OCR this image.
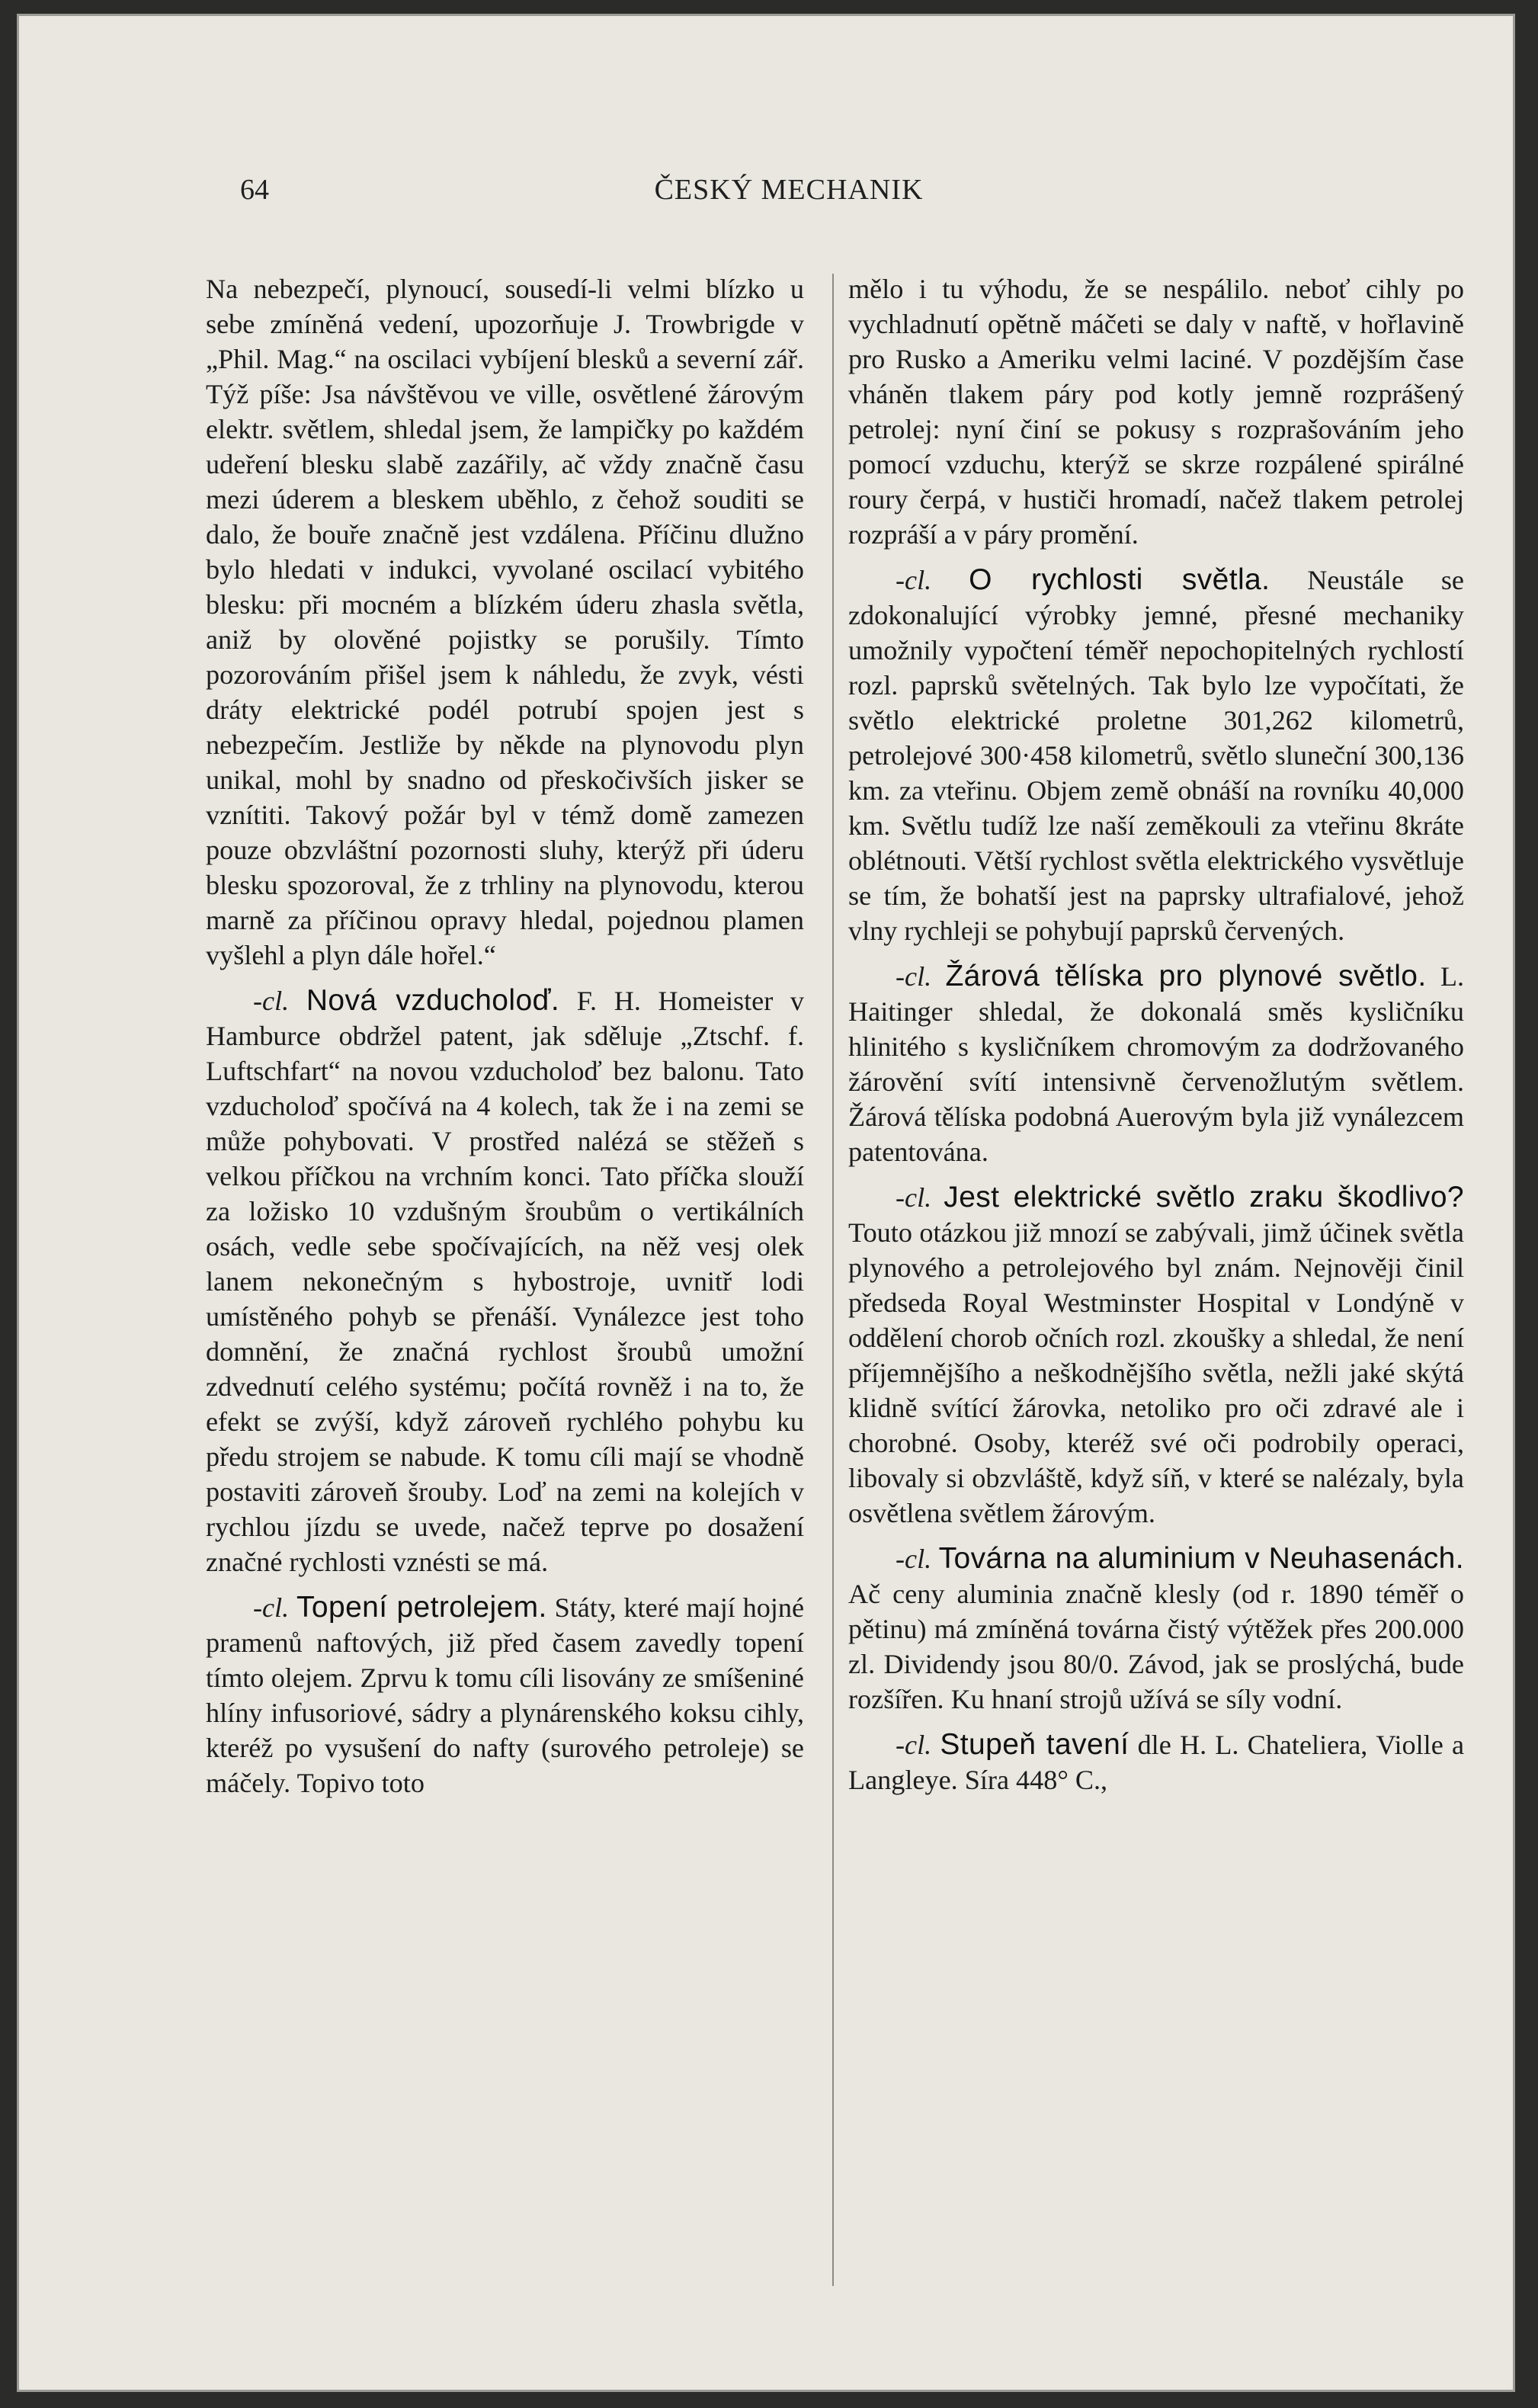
64	ČESKÝ MECHANIK

Na nebezpečí, plynoucí, sousedí-li velmi blízko u sebe zmíněná vedení, upozorňuje J. Trowbrigde v „Phil. Mag.“ na oscilaci vybíjení blesků a severní zář. Týž píše: Jsa návštěvou ve ville, osvětlené žárovým elektr. světlem, shledal jsem, že lampičky po každém udeření blesku slabě zazářily, ač vždy značně času mezi úderem a bleskem uběhlo, z čehož souditi se dalo, že bouře značně jest vzdálena. Příčinu dlužno bylo hledati v indukci, vyvolané oscilací vybitého blesku: při mocném a blízkém úderu zhasla světla, aniž by olověné pojistky se porušily. Tímto pozorováním přišel jsem k náhledu, že zvyk, vésti dráty elektrické podél potrubí spojen jest s nebezpečím. Jestliže by někde na plynovodu plyn unikal, mohl by snadno od přeskočivších jisker se vznítiti. Takový požár byl v témž domě zamezen pouze obzvláštní pozornosti sluhy, kterýž při úderu blesku spozoroval, že z trhliny na plynovodu, kterou marně za příčinou opravy hledal, pojednou plamen vyšlehl a plyn dále hořel.“

-cl. Nová vzducholoď. F. H. Homeister v Hamburce obdržel patent, jak sděluje „Ztschf. f. Luftschfart“ na novou vzducholoď bez balonu. Tato vzducholoď spočívá na 4 kolech, tak že i na zemi se může pohybovati. V prostřed nalézá se stěžeň s velkou příčkou na vrchním konci. Tato příčka slouží za ložisko 10 vzdušným šroubům o vertikálních osách, vedle sebe spočívajících, na něž vesj olek lanem nekonečným s hybostroje, uvnitř lodi umístěného pohyb se přenáší. Vynálezce jest toho domnění, že značná rychlost šroubů umožní zdvednutí celého systému; počítá rovněž i na to, že efekt se zvýší, když zároveň rychlého pohybu ku předu strojem se nabude. K tomu cíli mají se vhodně postaviti zároveň šrouby. Loď na zemi na kolejích v rychlou jízdu se uvede, načež teprve po dosažení značné rychlosti vznésti se má.

-cl. Topení petrolejem. Státy, které mají hojné pramenů naftových, již před časem zavedly topení tímto olejem. Zprvu k tomu cíli lisovány ze smíšeniné hlíny infusoriové, sádry a plynárenského koksu cihly, kteréž po vysušení do nafty (surového petroleje) se máčely. Topivo toto

mělo i tu výhodu, že se nespálilo. neboť cihly po vychladnutí opětně máčeti se daly v naftě, v hořlavině pro Rusko a Ameriku velmi laciné. V pozdějším čase vháněn tlakem páry pod kotly jemně rozprášený petrolej: nyní činí se pokusy s rozprašováním jeho pomocí vzduchu, kterýž se skrze rozpálené spirálné roury čerpá, v hustiči hromadí, načež tlakem petrolej rozpráší a v páry promění.

-cl. O rychlosti světla. Neustále se zdokonalující výrobky jemné, přesné mechaniky umožnily vypočtení téměř nepochopitelných rychlostí rozl. paprsků světelných. Tak bylo lze vypočítati, že světlo elektrické proletne 301,262 kilometrů, petrolejové 300·458 kilometrů, světlo sluneční 300,136 km. za vteřinu. Objem země obnáší na rovníku 40,000 km. Světlu tudíž lze naší zeměkouli za vteřinu 8kráte oblétnouti. Větší rychlost světla elektrického vysvětluje se tím, že bohatší jest na paprsky ultrafialové, jehož vlny rychleji se pohybují paprsků červených.

-cl. Žárová tělíska pro plynové světlo. L. Haitinger shledal, že dokonalá směs kysličníku hlinitého s kysličníkem chromovým za dodržovaného žárovění svítí intensivně červenožlutým světlem. Žárová tělíska podobná Auerovým byla již vynálezcem patentována.

-cl. Jest elektrické světlo zraku škodlivo? Touto otázkou již mnozí se zabývali, jimž účinek světla plynového a petrolejového byl znám. Nejnověji činil předseda Royal Westminster Hospital v Londýně v oddělení chorob očních rozl. zkoušky a shledal, že není příjemnějšího a neškodnějšího světla, nežli jaké skýtá klidně svítící žárovka, netoliko pro oči zdravé ale i chorobné. Osoby, kteréž své oči podrobily operaci, libovaly si obzvláště, když síň, v které se nalézaly, byla osvětlena světlem žárovým.

-cl. Továrna na aluminium v Neuhasenách. Ač ceny aluminia značně klesly (od r. 1890 téměř o pětinu) má zmíněná továrna čistý výtěžek přes 200.000 zl. Dividendy jsou 80/0. Závod, jak se proslýchá, bude rozšířen. Ku hnaní strojů užívá se síly vodní.

-cl. Stupeň tavení dle H. L. Chatelierа, Violle a Langleye. Síra 448° C.,
